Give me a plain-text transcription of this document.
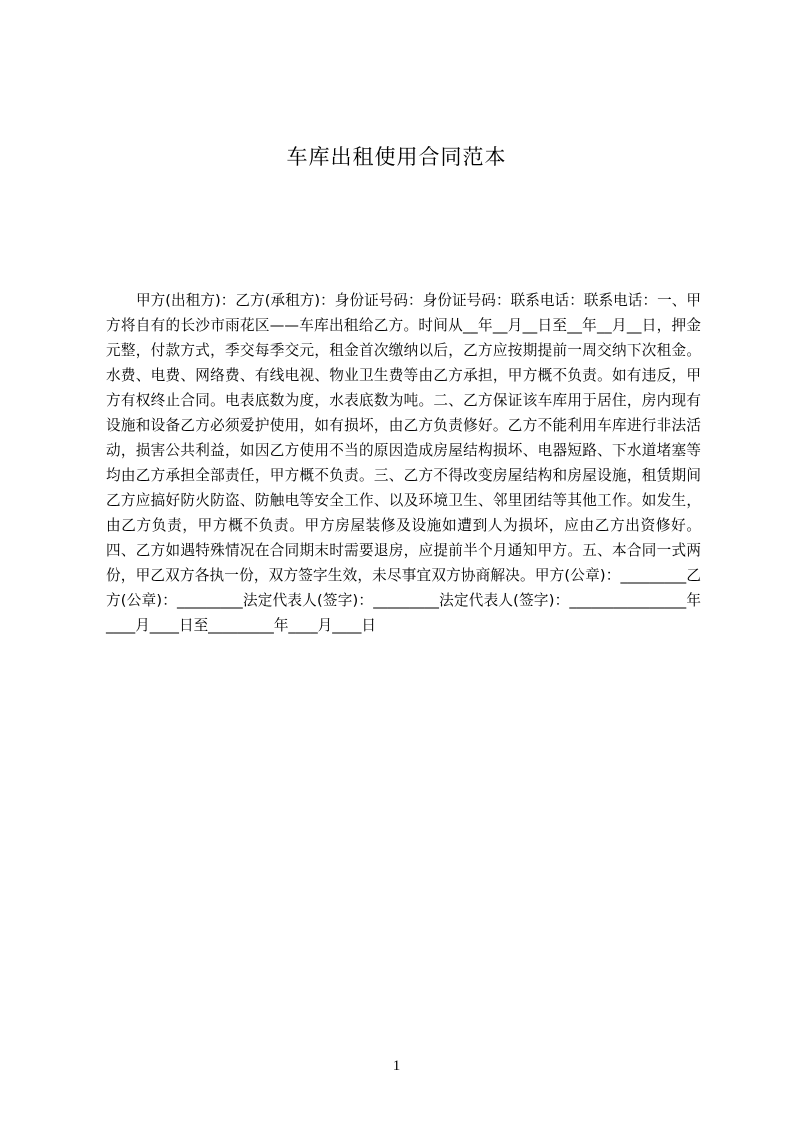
车库出租使用合同范本

甲方(出租方)：乙方(承租方)：身份证号码：身份证号码：联系电话：联系电话：一、甲方将自有的长沙市雨花区——车库出租给乙方。时间从__年__月__日至__年__月__日，押金元整，付款方式，季交每季交元，租金首次缴纳以后，乙方应按期提前一周交纳下次租金。水费、电费、网络费、有线电视、物业卫生费等由乙方承担，甲方概不负责。如有违反，甲方有权终止合同。电表底数为度，水表底数为吨。二、乙方保证该车库用于居住，房内现有设施和设备乙方必须爱护使用，如有损坏，由乙方负责修好。乙方不能利用车库进行非法活动，损害公共利益，如因乙方使用不当的原因造成房屋结构损坏、电器短路、下水道堵塞等均由乙方承担全部责任，甲方概不负责。三、乙方不得改变房屋结构和房屋设施，租赁期间乙方应搞好防火防盗、防触电等安全工作、以及环境卫生、邻里团结等其他工作。如发生，由乙方负责，甲方概不负责。甲方房屋装修及设施如遭到人为损坏，应由乙方出资修好。四、乙方如遇特殊情况在合同期末时需要退房，应提前半个月通知甲方。五、本合同一式两份，甲乙双方各执一份，双方签字生效，未尽事宜双方协商解决。甲方(公章)：_________乙方(公章)：_________法定代表人(签字)：_________法定代表人(签字)：________________年____月____日至_________年____月____日

1
